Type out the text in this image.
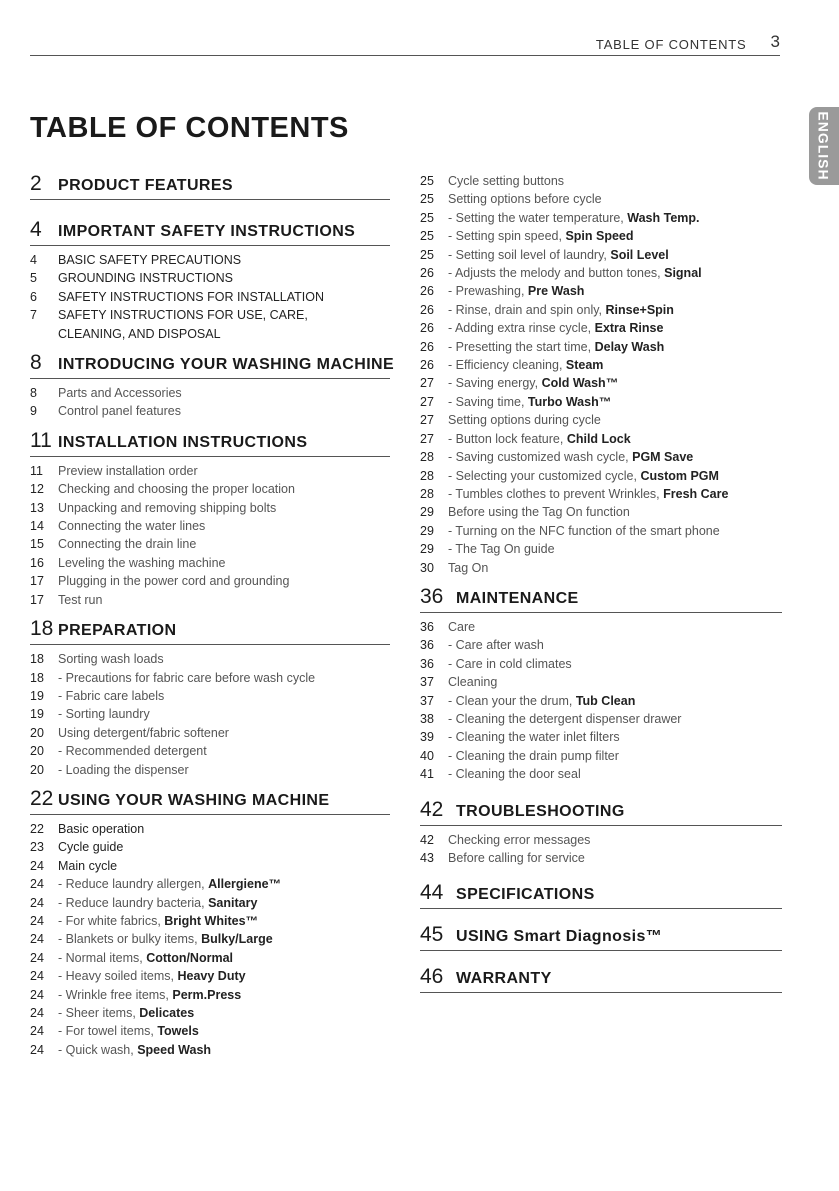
TABLE OF CONTENTS 3
ENGLISH
TABLE OF CONTENTS
2	PRODUCT FEATURES
4	IMPORTANT SAFETY INSTRUCTIONS
4	BASIC SAFETY PRECAUTIONS
5	GROUNDING INSTRUCTIONS
6	SAFETY INSTRUCTIONS FOR INSTALLATION
7	SAFETY INSTRUCTIONS FOR USE, CARE,
CLEANING, AND DISPOSAL
8	INTRODUCING YOUR WASHING MACHINE
8	Parts and Accessories
9	Control panel features
11 INSTALLATION INSTRUCTIONS
11	Preview installation order
12	Checking and choosing the proper location
13	Unpacking and removing shipping bolts
14	Connecting the water lines
15	Connecting the drain line
16	Leveling the washing machine
17	Plugging in the power cord and grounding
17	Test run
18 PREPARATION
18	Sorting wash loads
18	- Precautions for fabric care before wash cycle
19	- Fabric care labels
19	- Sorting laundry
20	Using detergent/fabric softener
20	- Recommended detergent
20	- Loading the dispenser
22 USING YOUR WASHING MACHINE
22	Basic operation
23	Cycle guide
24	Main cycle
24	- Reduce laundry allergen, Allergiene™
24	- Reduce laundry bacteria, Sanitary
24	- For white fabrics, Bright Whites™
24	- Blankets or bulky items, Bulky/Large
24	- Normal items, Cotton/Normal
24	- Heavy soiled items, Heavy Duty
24	- Wrinkle free items, Perm.Press
24	- Sheer items, Delicates
24	- For towel items, Towels
24	- Quick wash, Speed Wash
25	Cycle setting buttons
25	Setting options before cycle
25	- Setting the water temperature, Wash Temp.
25	- Setting spin speed, Spin Speed
25	- Setting soil level of laundry, Soil Level
26	- Adjusts the melody and button tones, Signal
26	- Prewashing, Pre Wash
26	- Rinse, drain and spin only, Rinse+Spin
26	- Adding extra rinse cycle, Extra Rinse
26	- Presetting the start time, Delay Wash
26	- Efficiency cleaning, Steam
27	- Saving energy, Cold Wash™
27	- Saving time, Turbo Wash™
27	Setting options during cycle
27	- Button lock feature, Child Lock
28	- Saving customized wash cycle, PGM Save
28	- Selecting your customized cycle, Custom PGM
28	- Tumbles clothes to prevent Wrinkles, Fresh Care
29	Before using the Tag On function
29	- Turning on the NFC function of the smart phone
29	- The Tag On guide
30	Tag On
36 MAINTENANCE
36	Care
36	- Care after wash
36	- Care in cold climates
37	Cleaning
37	- Clean your the drum, Tub Clean
38	- Cleaning the detergent dispenser drawer
39	- Cleaning the water inlet filters
40	- Cleaning the drain pump filter
41	- Cleaning the door seal
42 TROUBLESHOOTING
42	Checking error messages
43	Before calling for service
44 SPECIFICATIONS
45 USING Smart Diagnosis™
46 WARRANTY
